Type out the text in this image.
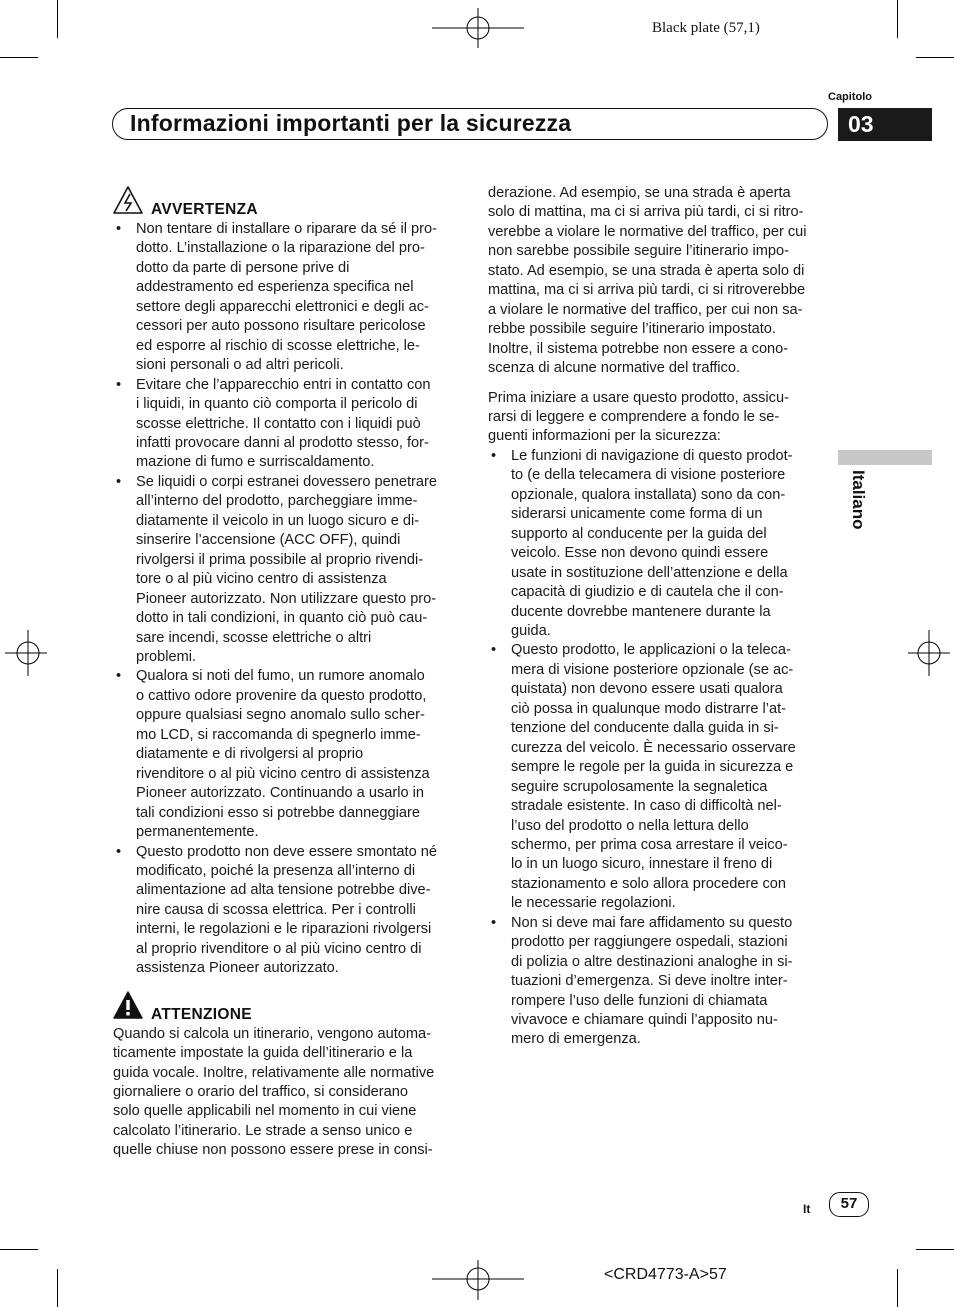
Black plate (57,1)
Capitolo
Informazioni importanti per la sicurezza	03
Italiano
AVVERTENZA
• Non tentare di installare o riparare da sé il pro-
dotto. L’installazione o la riparazione del pro-
dotto da parte di persone prive di
addestramento ed esperienza specifica nel
settore degli apparecchi elettronici e degli ac-
cessori per auto possono risultare pericolose
ed esporre al rischio di scosse elettriche, le-
sioni personali o ad altri pericoli.
• Evitare che l’apparecchio entri in contatto con
i liquidi, in quanto ciò comporta il pericolo di
scosse elettriche. Il contatto con i liquidi può
infatti provocare danni al prodotto stesso, for-
mazione di fumo e surriscaldamento.
• Se liquidi o corpi estranei dovessero penetrare
all’interno del prodotto, parcheggiare imme-
diatamente il veicolo in un luogo sicuro e di-
sinserire l’accensione (ACC OFF), quindi
rivolgersi il prima possibile al proprio rivendi-
tore o al più vicino centro di assistenza
Pioneer autorizzato. Non utilizzare questo pro-
dotto in tali condizioni, in quanto ciò può cau-
sare incendi, scosse elettriche o altri
problemi.
• Qualora si noti del fumo, un rumore anomalo
o cattivo odore provenire da questo prodotto,
oppure qualsiasi segno anomalo sullo scher-
mo LCD, si raccomanda di spegnerlo imme-
diatamente e di rivolgersi al proprio
rivenditore o al più vicino centro di assistenza
Pioneer autorizzato. Continuando a usarlo in
tali condizioni esso si potrebbe danneggiare
permanentemente.
• Questo prodotto non deve essere smontato né
modificato, poiché la presenza all’interno di
alimentazione ad alta tensione potrebbe dive-
nire causa di scossa elettrica. Per i controlli
interni, le regolazioni e le riparazioni rivolgersi
al proprio rivenditore o al più vicino centro di
assistenza Pioneer autorizzato.
ATTENZIONE

Quando si calcola un itinerario, vengono automa-
ticamente impostate la guida dell’itinerario e la
guida vocale. Inoltre, relativamente alle normative
giornaliere o orario del traffico, si considerano
solo quelle applicabili nel momento in cui viene
calcolato l’itinerario. Le strade a senso unico e
quelle chiuse non possono essere prese in consi-

derazione. Ad esempio, se una strada è aperta
solo di mattina, ma ci si arriva più tardi, ci si ritro-
verebbe a violare le normative del traffico, per cui
non sarebbe possibile seguire l’itinerario impo-
stato. Ad esempio, se una strada è aperta solo di
mattina, ma ci si arriva più tardi, ci si ritroverebbe
a violare le normative del traffico, per cui non sa-
rebbe possibile seguire l’itinerario impostato.
Inoltre, il sistema potrebbe non essere a cono-
scenza di alcune normative del traffico.

Prima iniziare a usare questo prodotto, assicu-
rarsi di leggere e comprendere a fondo le se-
guenti informazioni per la sicurezza:

• Le funzioni di navigazione di questo prodot-
to (e della telecamera di visione posteriore
opzionale, qualora installata) sono da con-
siderarsi unicamente come forma di un
supporto al conducente per la guida del
veicolo. Esse non devono quindi essere
usate in sostituzione dell’attenzione e della
capacità di giudizio e di cautela che il con-
ducente dovrebbe mantenere durante la
guida.
• Questo prodotto, le applicazioni o la teleca-
mera di visione posteriore opzionale (se ac-
quistata) non devono essere usati qualora
ciò possa in qualunque modo distrarre l’at-
tenzione del conducente dalla guida in si-
curezza del veicolo. È necessario osservare
sempre le regole per la guida in sicurezza e
seguire scrupolosamente la segnaletica
stradale esistente. In caso di difficoltà nel-
l’uso del prodotto o nella lettura dello
schermo, per prima cosa arrestare il veico-
lo in un luogo sicuro, innestare il freno di
stazionamento e solo allora procedere con
le necessarie regolazioni.
• Non si deve mai fare affidamento su questo
prodotto per raggiungere ospedali, stazioni
di polizia o altre destinazioni analoghe in si-
tuazioni d’emergenza. Si deve inoltre inter-
rompere l’uso delle funzioni di chiamata
vivavoce e chiamare quindi l’apposito nu-
mero di emergenza.
It	57
<CRD4773-A>57
